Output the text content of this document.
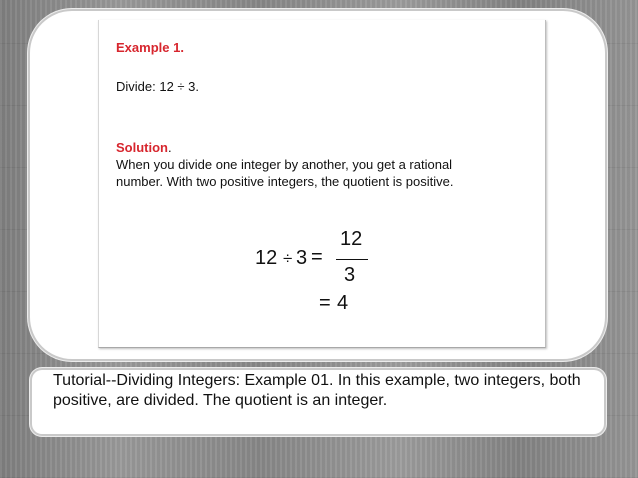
Example 1.
Divide: 12 ÷ 3.
Solution.
When you divide one integer by another, you get a rational number. With two positive integers, the quotient is positive.
12 ÷ 3 =
12
3
= 4
Tutorial--Dividing Integers: Example 01. In this example, two integers, both positive, are divided. The quotient is an integer.
